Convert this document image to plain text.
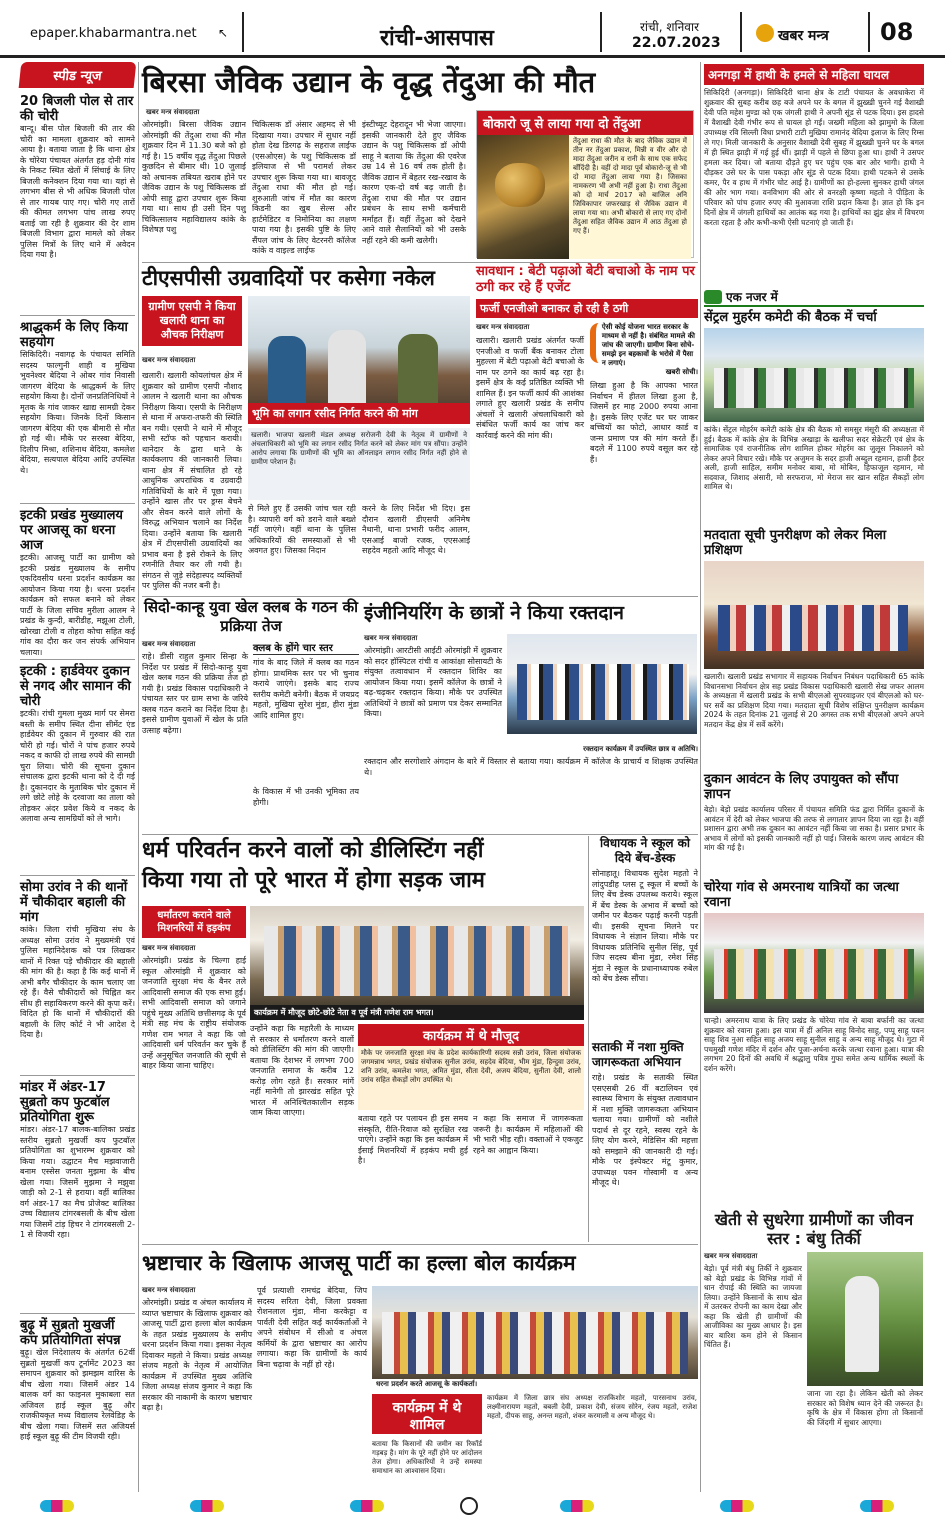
epaper.khabarmantra.net ↖	रांची-आसपास	रांची, शनिवार
22.07.2023	खबर मन्त्र 08
स्पीड न्यूज
20 बिजली पोल से तार की चोरी
बान्दू। बीस पोल बिजली की तार की चोरी का मामला शुक्रवार को सामने आया है। बताया जाता है कि थाना क्षेत्र के चोरेया पंचायत अंतर्गत हड़ दोनी गांव के निकट स्थित खेतों में सिंचाई के लिए बिजली कनेक्शन दिया गया था। यहां से लगभग बीस से भी अधिक बिजली पोल से तार गायब पाए गए। चोरी गए तारों की कीमत लगभग पांच लाख रुपए बताई जा रही है शुक्रवार की देर शाम बिजली विभाग द्वारा मामले को लेकर पुलिस मित्रों के लिए थाने में अवेदन दिया गया है।
श्राद्धकर्म के लिए किया सहयोग
सिकिदिरी। नवागढ़ के पंचायत समिति सदस्य फाल्गुनी शाही व मुखिया भुवनेश्वर बेदिया ने ओबर गांव निवासी जागरण बेदिया के श्राद्धकर्म के लिए सहयोग किया है। दोनों जनप्रतिनिधियों ने मृतक के गांव जाकर खाद्य सामग्री देकर सहयोग किया। जिनके दिनों किसान जागरण बेदिया की एक बीमारी से मौत हो गई थी। मौके पर सरस्वा बेदिया, दिलीप मिश्रा, शशिनाथ बेदिया, कमलेश बेदिया, सत्यपाल बेदिया आदि उपस्थित थे।
इटकी प्रखंड मुख्यालय पर आजसू का धरना आज
इटकी। आजसू पार्टी का ग्रामीण को इटकी प्रखंड मुख्यालय के समीप एकदिवसीय धरना प्रदर्शन कार्यक्रम का आयोजन किया गया है। धरना प्रदर्शन कार्यक्रम को सफल बनाने को लेकर पार्टी के जिला सचिव मुरीला आलम ने प्रखंड के कुन्दी, बारीडीह, मझूआ टोली, खोरखा टोली व तोहरा कोचा सहित कई गांव का दौरा कर जन संपर्क अभियान चलाया।
इटकी : हार्डवेयर दुकान से नगद और सामान की चोरी
इटकी। रांची गुमला मुख्य मार्ग पर सेमरा बस्ती के समीप स्थित दीना सीमेंट एंड हार्डवेयर की दुकान में गुरुवार की रात चोरी हो गई। चोरों ने पांच हजार रुपये नकद व काफी दो लाख रुपये की सामग्री चुरा लिया। चोरी की सूचना दुकान संचालक द्वारा इटकी थाना को दे दी गई है। दुकानदार के मुताबिक चोर दुकान में लगे छोटे लोहे के दरवाजा का ताला को तोड़कर अंदर प्रवेश किये व नकद के अलावा अन्य सामग्रियों को ले भागे।
सोमा उरांव ने की थानों में चौकीदार बहाली की मांग
कांके। जिला रांची मुखिया संघ के अध्यक्ष सोमा उरांव ने मुख्यमंत्री एवं पुलिस महानिदेशक को पत्र लिखकर थानों में रिक्त पड़े चौकीदार की बहाली की मांग की है। कहा है कि कई थानों में अभी बगैर चौकीदार के काम चलाए जा रहे हैं। वैसे चौकीदारों को चिह्नित कर सीध ही सहायिकरण करने की कृपा करें। विदित हो कि थानों में चौकीदारों की बहाली के लिए कोर्ट ने भी आदेश दे दिया है।
मांडर में अंडर-17 सुब्रतो कप फुटबॉल प्रतियोगिता शुरू
मांडर। अंडर-17 बालक-बालिका प्रखंड स्तरीय सुब्रतो मुखर्जी कप फुटबॉल प्रतियोगिता का शुभारम्भ शुक्रवार को किया गया। उद्घाटन मैच मझवाजारी बनाम एस्सेस जनता मुझमा के बीच खेला गया। जिसमें मुझमा ने मझुवा जाड़ी को 2-1 से हराया। वहीं बालिका वर्ग अंडर-17 का मैच प्रोजेक्ट बालिका उच्च विद्यालय टांगरबसली के बीच खेला गया जिसमें टांड़ हिचर ने टांगरबसली 2-1 से विजयी रहा।
बुढ़ू में सुब्रतो मुखर्जी कप प्रतियोगिता संपन्न
बुढ़ू। खेल निदेशालय के अंतर्गत 62वीं सुब्रतो मुखर्जी कप टूर्नामेंट 2023 का समापन शुक्रवार को झमझम वारिस के बीच खेला गया। जिसमें अंडर 14 बालक वर्ग का फाइनल मुकाबला सत अजिवल हाई स्कूल बुढ़ू और राजकीयकृत मध्य विद्यालय रेलवेडिह के बीच खेला गया। जिसमें सत अजियर्स हाई स्कूल बुढ़ू की टीम विजयी रही।
बिरसा जैविक उद्यान के वृद्ध तेंदुआ की मौत
खबर मन्त्र संवाददाता
ओरमांझी। बिरसा जैविक उद्यान ओरमांझी की तेंदुआ राधा की मौत शुक्रवार दिन में 11.30 बजे को हो गई है। 15 वर्षीय वृद्ध तेंदुआ पिछले कुछदिन से बीमार थी। 10 जुलाई को अचानक तबियत खराब होने पर जैविक उद्यान के पशु चिकित्सक डॉ ओपी साहू द्वारा उपचार शुरू किया गया था। साथ ही उसी दिन पशु चिकित्सालय महाविद्यालय कांके के विशेषज्ञ पशु
चिकित्सक डॉ अंसार अहमद से भी दिखाया गया। उपचार में सुधार नहीं होता देख डिरगढ़ के सहराज लाईफ (एसओएस) के पशु चिकित्सक डॉ इलियाज से भी परामर्श लेकर उपचार शुरू किया गया था। बावजूद तेंदुआ राधा की मौत हो गई। शुरुआती जांच में मौत का कारण किडनी का खुब सेल्स और हार्टमेडिटर व निमोनिया का लक्षण पाया गया है। इसकी पुष्टि के लिए सैंपल जांच के लिए वेटरनरी कॉलेज कांके व वाइल्ड लाईफ
इंस्टीच्यूट देहरादून भी भेजा जाएगा। इसकी जानकारी देते हुए जैविक उद्यान के पशु चिकित्सक डॉ ओपी साहू ने बताया कि तेंदुआ की एवरेज उम्र 14 से 16 वर्ष तक होती है। जैविक उद्यान में बेहतर रख-रखाव के कारण एक-दो वर्ष बढ़ जाती है। तेंदुआ राधा की मौत पर उद्यान प्रबंधन के साथ सभी कर्मचारी मर्माहत हैं। वहीं तेंदुआ को देखने आने वाले सैलानियों को भी उसके नहीं रहने की कमी खलेगी।
बोकारो जू से लाया गया दो तेंदुआ
तेंदुआ राधा की मौत के बाद जैविक उद्यान में तीन नर तेंदुआ प्रकाश, मिन्नी व वीर और दो मादा तेंदुआ जरीन व रानी के साथ एक सफेद बाँदिंदी है। वहीं दो मादा पूर्व बोकारो-जू से भी दो मादा तेंदुआ लाया गया है। जिसका नामकरण भी अभी नहीं हुआ है। राधा तेंदुआ को दो मार्च 2017 को बाजिल अनि जिविकापार जफरखाड़ से जैविक उद्यान में लाया गया था। अभी बोकारो से लाए गए दोनों तेंदुआ सहित जैविक उद्यान में आठ तेंदुआ हो गए हैं।
अनगड़ा में हाथी के हमले से महिला घायल
सिकिदिरी (अनगड़ा)। सिकिदिरी थाना क्षेत्र के टाटी पंचायत के अवधाकेरा में शुक्रवार की सुबह करीब छह बजे अपने घर के बगल में झुख्खी चुनने गई वैशाखी देवी पति महेश मुण्डा को एक जंगली हाथी ने अपनी सूंड से पटक दिया। इस हादसे में वैशाखी देवी गंभीर रूप से घायल हो गईं। जख्मी महिला को झामुमो के जिला उपाध्यक्ष रवि सिल्ली विधा प्रभारी टाटी मुखिया रामानंद बेदिया इलाज के लिए रिम्स ले गए। मिली जानकारी के अनुसार वैशाखी देवी सुबह में झुख्खी चुनने घर के बगल में ही स्थित झाड़ी में गई हुई थीं। झाड़ी में पहले से छिपा हुआ था। हाथी ने उसपर हमला कर दिया। जो बताया दौड़ते हुए घर पहुंच एक बार ओर भागी। हाथी ने दौड़कर उसे घर के पास पकड़ा और सूंड से पटक दिया। हाथी पटकने से उसके कमर, पैर व हाथ में गंभीर चोट आई है। ग्रामीणों का हो-हल्ला सुनकर हाथी जंगल की ओर भाग गया। वनविभाग की ओर से वनरक्षी कृष्णा महतो ने पीड़िता के परिवार को पांच हजार रुपए की मुआवजा राशि प्रदान किया है। ज्ञात हो कि इन दिनों क्षेत्र में जंगली हाथियों का आतंक बढ़ गया है। हाथियों का झुंड क्षेत्र में विचरण करता रहता है और कभी-कभी ऐसी घटनाएं हो जाती हैं।
टीएसपीसी उग्रवादियों पर कसेगा नकेल
ग्रामीण एसपी ने किया खलारी थाना का औचक निरीक्षण
खबर मन्त्र संवाददाता
खलारी। खलारी कोयलांचल क्षेत्र में शुक्रवार को ग्रामीण एसपी नौशाद आलम ने खलारी थाना का औचक निरीक्षण किया। एसपी के निरीक्षण से थाना में अफरा-तफरी की स्थिति बन गयी। एसपी ने थाने में मौजूद सभी स्टॉफ को पहचान करायी। थानेदार के द्वारा थाने के कार्यकलाप की जानकारी लिया। थाना क्षेत्र में संचालित हो रहे आधुनिक अपराधिक व उग्रवादी गतिविधियों के बारे में पूछा गया। उन्होंने खास तौर पर ड्रग्स बेचने और सेवन करने वाले लोगों के विरुद्ध अभियान चलाने का निर्देश दिया। उन्होंने बताया कि खलारी क्षेत्र में टीएसपीसी उग्रवादियों का प्रभाव बना है इसे रोकने के लिए रणनीति तैयार कर ली गयी है। संगठन से जुड़े संदेहास्पद व्यक्तियों पर पुलिस की नजर बनी है।
भूमि का लगान रसीद निर्गत करने की मांग
खलारी। भाजपा खलारी मंडल अध्यक्ष सरोजनी देवी के नेतृत्व में ग्रामीणों ने अंचलाधिकारी को भूमि का लगान रसीद निर्गत करने को लेकर मांग पत्र सौंपा। उन्होंने आरोप लगाया कि ग्रामीणों की भूमि का ऑनलाइन लगान रसीद निर्गत नहीं होने से ग्रामीण परेशान हैं।
से मिले हुए हैं उसकी जांच चल रही है। व्यापारी वर्ग को डराने वाले बख्शे नहीं जाएंगे। वहीं थाना के पुलिस अधिकारियों की समस्याओं से भी अवगत हुए। जिसका निदान
करने के लिए निर्देश भी दिए। इस दौरान खलारी डीएसपी अनिमेष नैथानी, थाना प्रभारी फरीद आलम, एसआई बाजो रजक, एएसआई सहदेव महतो आदि मौजूद थे।
सावधान : बेटी पढ़ाओ बेटी बचाओ के नाम पर ठगी कर रहे हैं एजेंट
फर्जी एनजीओ बनाकर हो रही है ठगी
खबर मन्त्र संवाददाता
खलारी। खलारी प्रखंड अंतर्गत फर्जी एनजीओ व फर्जी बैंक बनाकर टोला मुहल्ला में बेटी पढ़ाओ बेटी बचाओ के नाम पर ठगने का कार्य बढ़ रहा है। इसमें क्षेत्र के कई प्रतिष्ठित व्यक्ति भी शामिल हैं। इन फर्जी कार्य की आशंका लगाते हुए खलारी प्रखंड के समीप अंचलों ने खलारी अंचलाधिकारी को संबंधित फर्जी कार्य का जांच कर कार्रवाई करने की मांग की।
ऐसी कोई योजना भारत सरकार के माध्यम से नहीं है। संबंधित मामले की जांच की जाएगी। ग्रामीण बिना सोचे-समझे इन बहकावों के भरोसे में पैसा न लगाएं।
खबरी सोची।
लिखा हुआ है कि आपका भारत निर्वाचन में हीतल लिखा हुआ है, जिसमें हर माह 2000 रुपया आना है। इसके लिए एजेंट घर घर जाकर बच्चियों का फोटो, आधार कार्ड व जन्म प्रमाण पत्र की मांग करते हैं। बदले में 1100 रुपये वसूल कर रहे हैं।
एक नजर में
सेंट्रल मुहर्रम कमेटी की बैठक में चर्चा
कांके। सेंट्रल मोहर्रम कमेटी कांके क्षेत्र की बैठक मो समसुर मंसूरी की अध्यक्षता में हुई। बैठक में कांके क्षेत्र के विभिन्न अखाड़ा के खलीफा सदर सेक्रेटरी एवं क्षेत्र के सामाजिक एवं राजनीतिक लोग शामिल होकर मोहर्रम का जुलूस निकालने को लेकर अपने विचार रखे। मौके पर अजुमन के सदर हाजी अब्दुल रहमान, हाजी हैदर अली, हाजी साहिल, समीम मनोवर बाबा, मो मोबिन, हिफाजूल रहमान, मो सदवाज, जिशाद अंसारी, मो सरफराज, मो मेराज सर खान सहित सैकड़ों लोग शामिल थे।
मतदाता सूची पुनरीक्षण को लेकर मिला प्रशिक्षण
खलारी। खलारी प्रखंड सभागार में सहायक निर्वाचन निबंधन पदाधिकारी 65 कांके विधानसभा निर्वाचन क्षेत्र सह प्रखंड विकास पदाधिकारी खलारी सेख जफर आलम के अध्यक्षता में खलारी प्रखंड के सभी बीएलओ सुपरवाइजर एवं बीएलओ को घर-घर सर्वे का प्रशिक्षण दिया गया। मतदाता सूची विशेष संक्षिप्त पुनरीक्षण कार्यक्रम 2024 के तहत दिनांक 21 जुलाई से 20 अगस्त तक सभी बीएलओ अपने अपने मतदान केंद्र क्षेत्र में सर्वे करेंगे।
दुकान आवंटन के लिए उपायुक्त को सौंपा ज्ञापन
बेड़ो। बेड़ो प्रखंड कार्यालय परिसर में पंचायत समिति फंड द्वारा निर्मित दुकानों के आवंटन में देरी को लेकर भाजपा की तरफ से लगातार ज्ञापन दिया जा रहा है। वहीं प्रशासन द्वारा अभी तक दुकान का आवंटन नहीं किया जा सका है। प्रसार प्रभार के अभाव में लोगों को इसकी जानकारी नहीं हो पाई। जिसके कारण जल्द आवंटन की मांग की गई है।
चोरेया गांव से अमरनाथ यात्रियों का जत्था रवाना
चान्हो। अमरनाथ यात्रा के लिए प्रखंड के चोरेया गांव से बाबा बर्फानी का जत्था शुक्रवार को रवाना हुआ। इस यात्रा में हीं अनिल साहू विनोद साहू, पप्पू साहू पवन साहू शिव नुआ सहित साहू अजय साहू सुनील साहू व अन्य साहू मौजूद थे। गुटा में पचमुखी गणेश मंदिर में दर्शन और पूजा-अर्चना करके जत्था रवाना हुआ। यात्रा की लगभग 20 दिनों की अवधि में श्रद्धालु पवित्र गुफा समेत अन्य धार्मिक स्थलों के दर्शन करेंगे।
खेती से सुधरेगा ग्रामीणों का जीवन स्तर : बंधु तिर्की
खबर मन्त्र संवाददाता
बेड़ो। पूर्व मंत्री बंधु तिर्की ने शुक्रवार को बेड़ो प्रखंड के विभिन्न गांवों में धान रोपाई की स्थिति का जायजा लिया। उन्होंने किसानों के साथ खेत में उतरकर रोपनी का काम देखा और कहा कि खेती ही ग्रामीणों की आजीविका का मुख्य आधार है। इस बार बारिश कम होने से किसान चिंतित हैं।
जाना जा रहा है। लेकिन खेती को लेकर सरकार को विशेष ध्यान देने की जरूरत है। कृषि के क्षेत्र में विकास होगा तो किसानों की जिंदगी में सुधार आएगा।
सिदो-कान्हू युवा खेल क्लब के गठन की प्रक्रिया तेज
खबर मन्त्र संवाददाता
राहे। डीसी राहुल कुमार सिन्हा के निर्देश पर प्रखंड में सिदो-कान्हू युवा खेल क्लब गठन की प्रक्रिया तेज हो गयी है। प्रखंड विकास पदाधिकारी ने पंचायत स्तर पर ग्राम सभा के जरिये क्लब गठन कराने का निर्देश दिया है। इससे ग्रामीण युवाओं में खेल के प्रति उत्साह बढ़ेगा।
क्लब के होंगे चार स्तर
गांव के बाद जिले में क्लब का गठन होगा। प्राथमिक स्तर पर भी चुनाव कराये जाएंगे। इसके बाद राज्य स्तरीय कमेटी बनेगी। बैठक में जयप्रद महतो, मुखिया सुरेश मुंडा, हीरा मुंडा आदि शामिल हुए।
के विकास में भी उनकी भूमिका तय होगी।
इंजीनियरिंग के छात्रों ने किया रक्तदान
खबर मन्त्र संवाददाता
ओरमांझी। आरटीसी आईटी ओरमांझी में शुक्रवार को सदर हॉस्पिटल रांची व आकांक्षा सोसायटी के संयुक्त तत्वावधान में रक्तदान शिविर का आयोजन किया गया। इसमें कॉलेज के छात्रों ने बढ़-चढ़कर रक्तदान किया। मौके पर उपस्थित अतिथियों ने छात्रों को प्रमाण पत्र देकर सम्मानित किया।
रक्तदान कार्यक्रम में उपस्थित छात्र व अतिथि।
रक्तदान और सरगोशारे अंगदान के बारे में विस्तार से बताया गया। कार्यक्रम में कॉलेज के प्राचार्य व शिक्षक उपस्थित थे।
धर्म परिवर्तन करने वालों को डीलिस्टिंग नहीं
किया गया तो पूरे भारत में होगा सड़क जाम
धर्मांतरण कराने वाले मिशनरियों में हड़कंप
खबर मन्त्र संवाददाता
ओरमांझी। प्रखंड के चिल्गा हाई स्कूल ओरमांझी में शुक्रवार को जनजाति सुरक्षा मंच के बैनर तले आदिवासी समाज की एक सभा हुई। सभी आदिवासी समाज को जगाने पहुंचे मुख्य अतिथि छत्तीसगढ़ के पूर्व मंत्री सह मंच के राष्ट्रीय संयोजक गणेश राम भगत ने कहा कि जो आदिवासी धर्म परिवर्तन कर चुके हैं उन्हें अनुसूचित जनजाति की सूची से बाहर किया जाना चाहिए।
कार्यक्रम में मौजूद छोटे-छोटे नेता व पूर्व मंत्री गणेश राम भगत।
उन्होंने कहा कि महारैली के माध्यम से सरकार से धर्मांतरण करने वालों को डीलिस्टिंग की मांग की जाएगी। बताया कि देशभर में लगभग 700 जनजाति समाज के करीब 12 करोड़ लोग रहते हैं। सरकार मांगें नहीं मानेगी तो झारखंड सहित पूरे भारत में अनिश्चितकालीन सड़क जाम किया जाएगा।
कार्यक्रम में थे मौजूद
मौके पर जनजाति सुरक्षा मंच के प्रदेश कार्यकारिणी सदस्य सन्नी उरांव, जिला संयोजक जगमन्नाथ भगत, प्रखंड संयोजक सुनील उरांव, सहदेव बेदिया, भीम मुंडा, हिन्दुवा उरांव, शनि उरांव, कमलेश भगत, अमित मुंडा, सीता देवी, अजय बेदिया, सुनीता देवी, शालो उरांव सहित सैकड़ों लोग उपस्थित थे।
बताया रहते पर पलायन ही इस समय संस्कृति, रीति-रिवाज को सुरक्षित रख पाएंगे। उन्होंने कहा कि इस कार्यक्रम में ईसाई मिशनरियों में हड़कंप मची हुई है।
न कहा कि समाज में जागरूकता जरूरी है। कार्यक्रम में महिलाओं की भी भारी भीड़ रही। वक्ताओं ने एकजुट रहने का आह्वान किया।
विधायक ने स्कूल को दिये बेंच-डेस्क
सोनाहातू। विधायक सुदेश महतो ने लांदुपडीह प्लस टू स्कूल में बच्चों के लिए बेंच डेस्क उपलब्ध कराये। स्कूल में बेंच डेस्क के अभाव में बच्चों को जमीन पर बैठकर पढ़ाई करनी पड़ती थी। इसकी सूचना मिलने पर विधायक ने संज्ञान लिया। मौके पर विधायक प्रतिनिधि सुनील सिंह, पूर्व जिप सदस्य बीना मुंडा, रमेश सिंह मुंडा ने स्कूल के प्रधानाध्यापक रुबेल को बेंच डेस्क सौंपा।
सताकी में नशा मुक्ति जागरूकता अभियान
राहे। प्रखंड के सताकी स्थित एसएसबी 26 वीं बटालियन एवं स्वास्थ्य विभाग के संयुक्त तत्वावधान में नशा मुक्ति जागरूकता अभियान चलाया गया। ग्रामीणों को नशीले पदार्थ से दूर रहने, स्वस्थ रहने के लिए योग करने, मेडिसिन की महत्ता को समझाने की जानकारी दी गई। मौके पर इंस्पेक्टर मंटू कुमार, उपाध्यक्ष पवन गोस्वामी व अन्य मौजूद थे।
भ्रष्टाचार के खिलाफ आजसू पार्टी का हल्ला बोल कार्यक्रम
खबर मन्त्र संवाददाता
ओरमांझी। प्रखंड व अंचल कार्यालय में व्याप्त भ्रष्टाचार के खिलाफ शुक्रवार को आजसू पार्टी द्वारा हल्ला बोल कार्यक्रम के तहत प्रखंड मुख्यालय के समीप धरना प्रदर्शन किया गया। इसका नेतृत्व दिवाकर महतो ने किया। प्रखंड अध्यक्ष संजय महतो के नेतृत्व में आयोजित कार्यक्रम में उपस्थित मुख्य अतिथि जिला अध्यक्ष संजय कुमार ने कहा कि सरकार की नाकामी के कारण भ्रष्टाचार बढ़ा है।
पूर्व प्रत्याशी रामचंद्र बेदिया, जिप सदस्य सरिता देवी, जिला प्रवक्ता रोशनलाल मुंडा, मीना करकेट्टा व पार्वती देवी सहित कई कार्यकर्ताओं ने अपने संबोधन में सीओ व अंचल कर्मियों के द्वारा भ्रष्टाचार का आरोप लगाया। कहा कि ग्रामीणों के कार्य बिना चढ़ावा के नहीं हो रहे।
धरना प्रदर्शन करते आजसू के कार्यकर्ता।
कार्यक्रम में थे शामिल
कार्यक्रम में जिला छात्र संघ अध्यक्ष राजकिशोर महतो, पारसनाथ उरांव, लक्ष्मीनारायण महतो, बबली देवी, प्रकाश देवी, संजय सोरेन, रंजय महतो, राजेश महतो, दीपक साहू, अनन्त महतो, शंकर करमाली व अन्य मौजूद थे।
बताया कि किसानों की जमीन का रिकॉर्ड गड़बड़ है। मांग के पूरे नहीं होने पर आंदोलन तेज होगा। अधिकारियों ने उन्हें समस्या समाधान का आश्वासन दिया।
